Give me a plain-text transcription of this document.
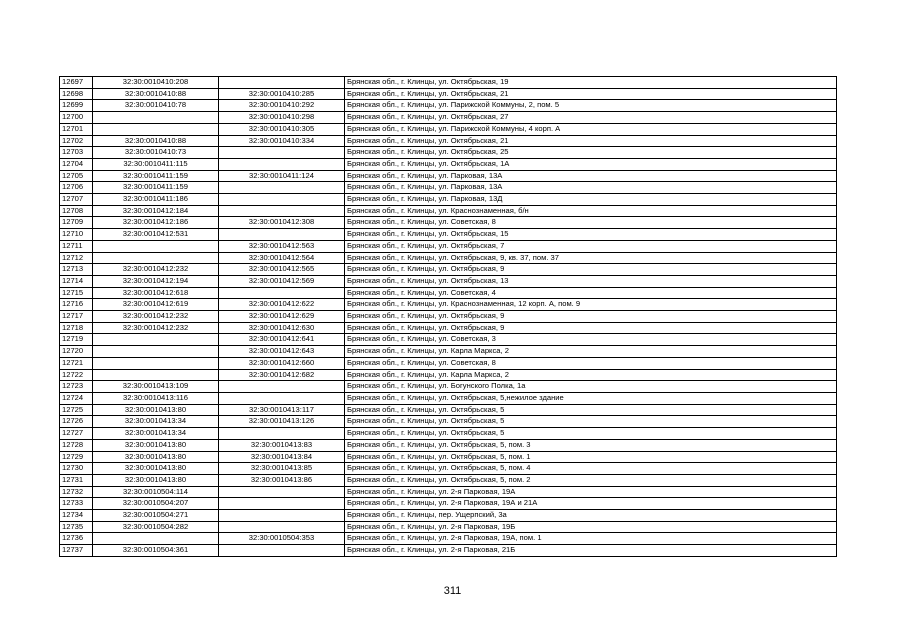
12697	32:30:0010410:208		Брянская обл., г. Клинцы, ул. Октябрьская, 19
12698	32:30:0010410:88	32:30:0010410:285	Брянская обл., г. Клинцы, ул. Октябрьская, 21
12699	32:30:0010410:78	32:30:0010410:292	Брянская обл., г. Клинцы, ул. Парижской Коммуны, 2, пом. 5
12700		32:30:0010410:298	Брянская обл., г. Клинцы, ул. Октябрьская, 27
12701		32:30:0010410:305	Брянская обл., г. Клинцы, ул. Парижской Коммуны, 4 корп. А
12702	32:30:0010410:88	32:30:0010410:334	Брянская обл., г. Клинцы, ул. Октябрьская, 21
12703	32:30:0010410:73		Брянская обл., г. Клинцы, ул. Октябрьская, 25
12704	32:30:0010411:115		Брянская обл., г. Клинцы, ул. Октябрьская, 1А
12705	32:30:0010411:159	32:30:0010411:124	Брянская обл., г. Клинцы, ул. Парковая, 13А
12706	32:30:0010411:159		Брянская обл., г. Клинцы, ул. Парковая, 13А
12707	32:30:0010411:186		Брянская обл., г. Клинцы, ул. Парковая, 13Д
12708	32:30:0010412:184		Брянская обл., г. Клинцы, ул. Краснознаменная, б/н
12709	32:30:0010412:186	32:30:0010412:308	Брянская обл., г. Клинцы, ул. Советская, 8
12710	32:30:0010412:531		Брянская обл., г. Клинцы, ул. Октябрьская, 15
12711		32:30:0010412:563	Брянская обл., г. Клинцы, ул. Октябрьская, 7
12712		32:30:0010412:564	Брянская обл., г. Клинцы, ул. Октябрьская, 9, кв. 37, пом. 37
12713	32:30:0010412:232	32:30:0010412:565	Брянская обл., г. Клинцы, ул. Октябрьская, 9
12714	32:30:0010412:194	32:30:0010412:569	Брянская обл., г. Клинцы, ул. Октябрьская, 13
12715	32:30:0010412:618		Брянская обл., г. Клинцы, ул. Советская, 4
12716	32:30:0010412:619	32:30:0010412:622	Брянская обл., г. Клинцы, ул. Краснознаменная, 12 корп. А, пом. 9
12717	32:30:0010412:232	32:30:0010412:629	Брянская обл., г. Клинцы, ул. Октябрьская, 9
12718	32:30:0010412:232	32:30:0010412:630	Брянская обл., г. Клинцы, ул. Октябрьская, 9
12719		32:30:0010412:641	Брянская обл., г. Клинцы, ул. Советская, 3
12720		32:30:0010412:643	Брянская обл., г. Клинцы, ул. Карла Маркса, 2
12721		32:30:0010412:660	Брянская обл., г. Клинцы, ул. Советская, 8
12722		32:30:0010412:682	Брянская обл., г. Клинцы, ул. Карла Маркса, 2
12723	32:30:0010413:109		Брянская обл., г. Клинцы, ул. Богунского Полка, 1а
12724	32:30:0010413:116		Брянская обл., г. Клинцы, ул. Октябрьская, 5,нежилое здание
12725	32:30:0010413:80	32:30:0010413:117	Брянская обл., г. Клинцы, ул. Октябрьская, 5
12726	32:30:0010413:34	32:30:0010413:126	Брянская обл., г. Клинцы, ул. Октябрьская, 5
12727	32:30:0010413:34		Брянская обл., г. Клинцы, ул. Октябрьская, 5
12728	32:30:0010413:80	32:30:0010413:83	Брянская обл., г. Клинцы, ул. Октябрьская, 5, пом. 3
12729	32:30:0010413:80	32:30:0010413:84	Брянская обл., г. Клинцы, ул. Октябрьская, 5, пом. 1
12730	32:30:0010413:80	32:30:0010413:85	Брянская обл., г. Клинцы, ул. Октябрьская, 5, пом. 4
12731	32:30:0010413:80	32:30:0010413:86	Брянская обл., г. Клинцы, ул. Октябрьская, 5, пом. 2
12732	32:30:0010504:114		Брянская обл., г. Клинцы, ул. 2-я Парковая, 19А
12733	32:30:0010504:207		Брянская обл., г. Клинцы, ул. 2-я Парковая, 19А и 21А
12734	32:30:0010504:271		Брянская обл., г. Клинцы, пер. Ущерпский, 3а
12735	32:30:0010504:282		Брянская обл., г. Клинцы, ул. 2-я Парковая, 19Б
12736		32:30:0010504:353	Брянская обл., г. Клинцы, ул. 2-я Парковая, 19А, пом. 1
12737	32:30:0010504:361		Брянская обл., г. Клинцы, ул. 2-я Парковая, 21Б
311
